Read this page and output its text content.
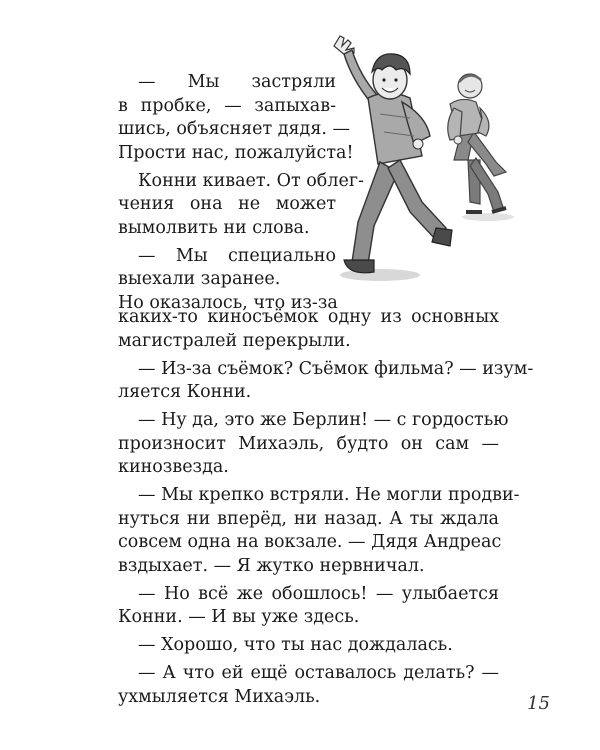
— Мы застряли
в пробке, — запыхав-
шись, объясняет дядя. —
Прости нас, пожалуйста!
Конни кивает. От облег-
чения она не может
вымолвить ни слова.
— Мы специально
выехали заранее.
Но оказалось, что из-за
каких-то киносъёмок одну из основных
магистралей перекрыли.
— Из-за съёмок? Съёмок фильма? — изум-
ляется Конни.
— Ну да, это же Берлин! — с гордостью
произносит Михаэль, будто он сам —
кинозвезда.
— Мы крепко встряли. Не могли продви-
нуться ни вперёд, ни назад. А ты ждала
совсем одна на вокзале. — Дядя Андреас
вздыхает. — Я жутко нервничал.
— Но всё же обошлось! — улыбается
Конни. — И вы уже здесь.
— Хорошо, что ты нас дождалась.
— А что ей ещё оставалось делать? —
ухмыляется Михаэль.	15
